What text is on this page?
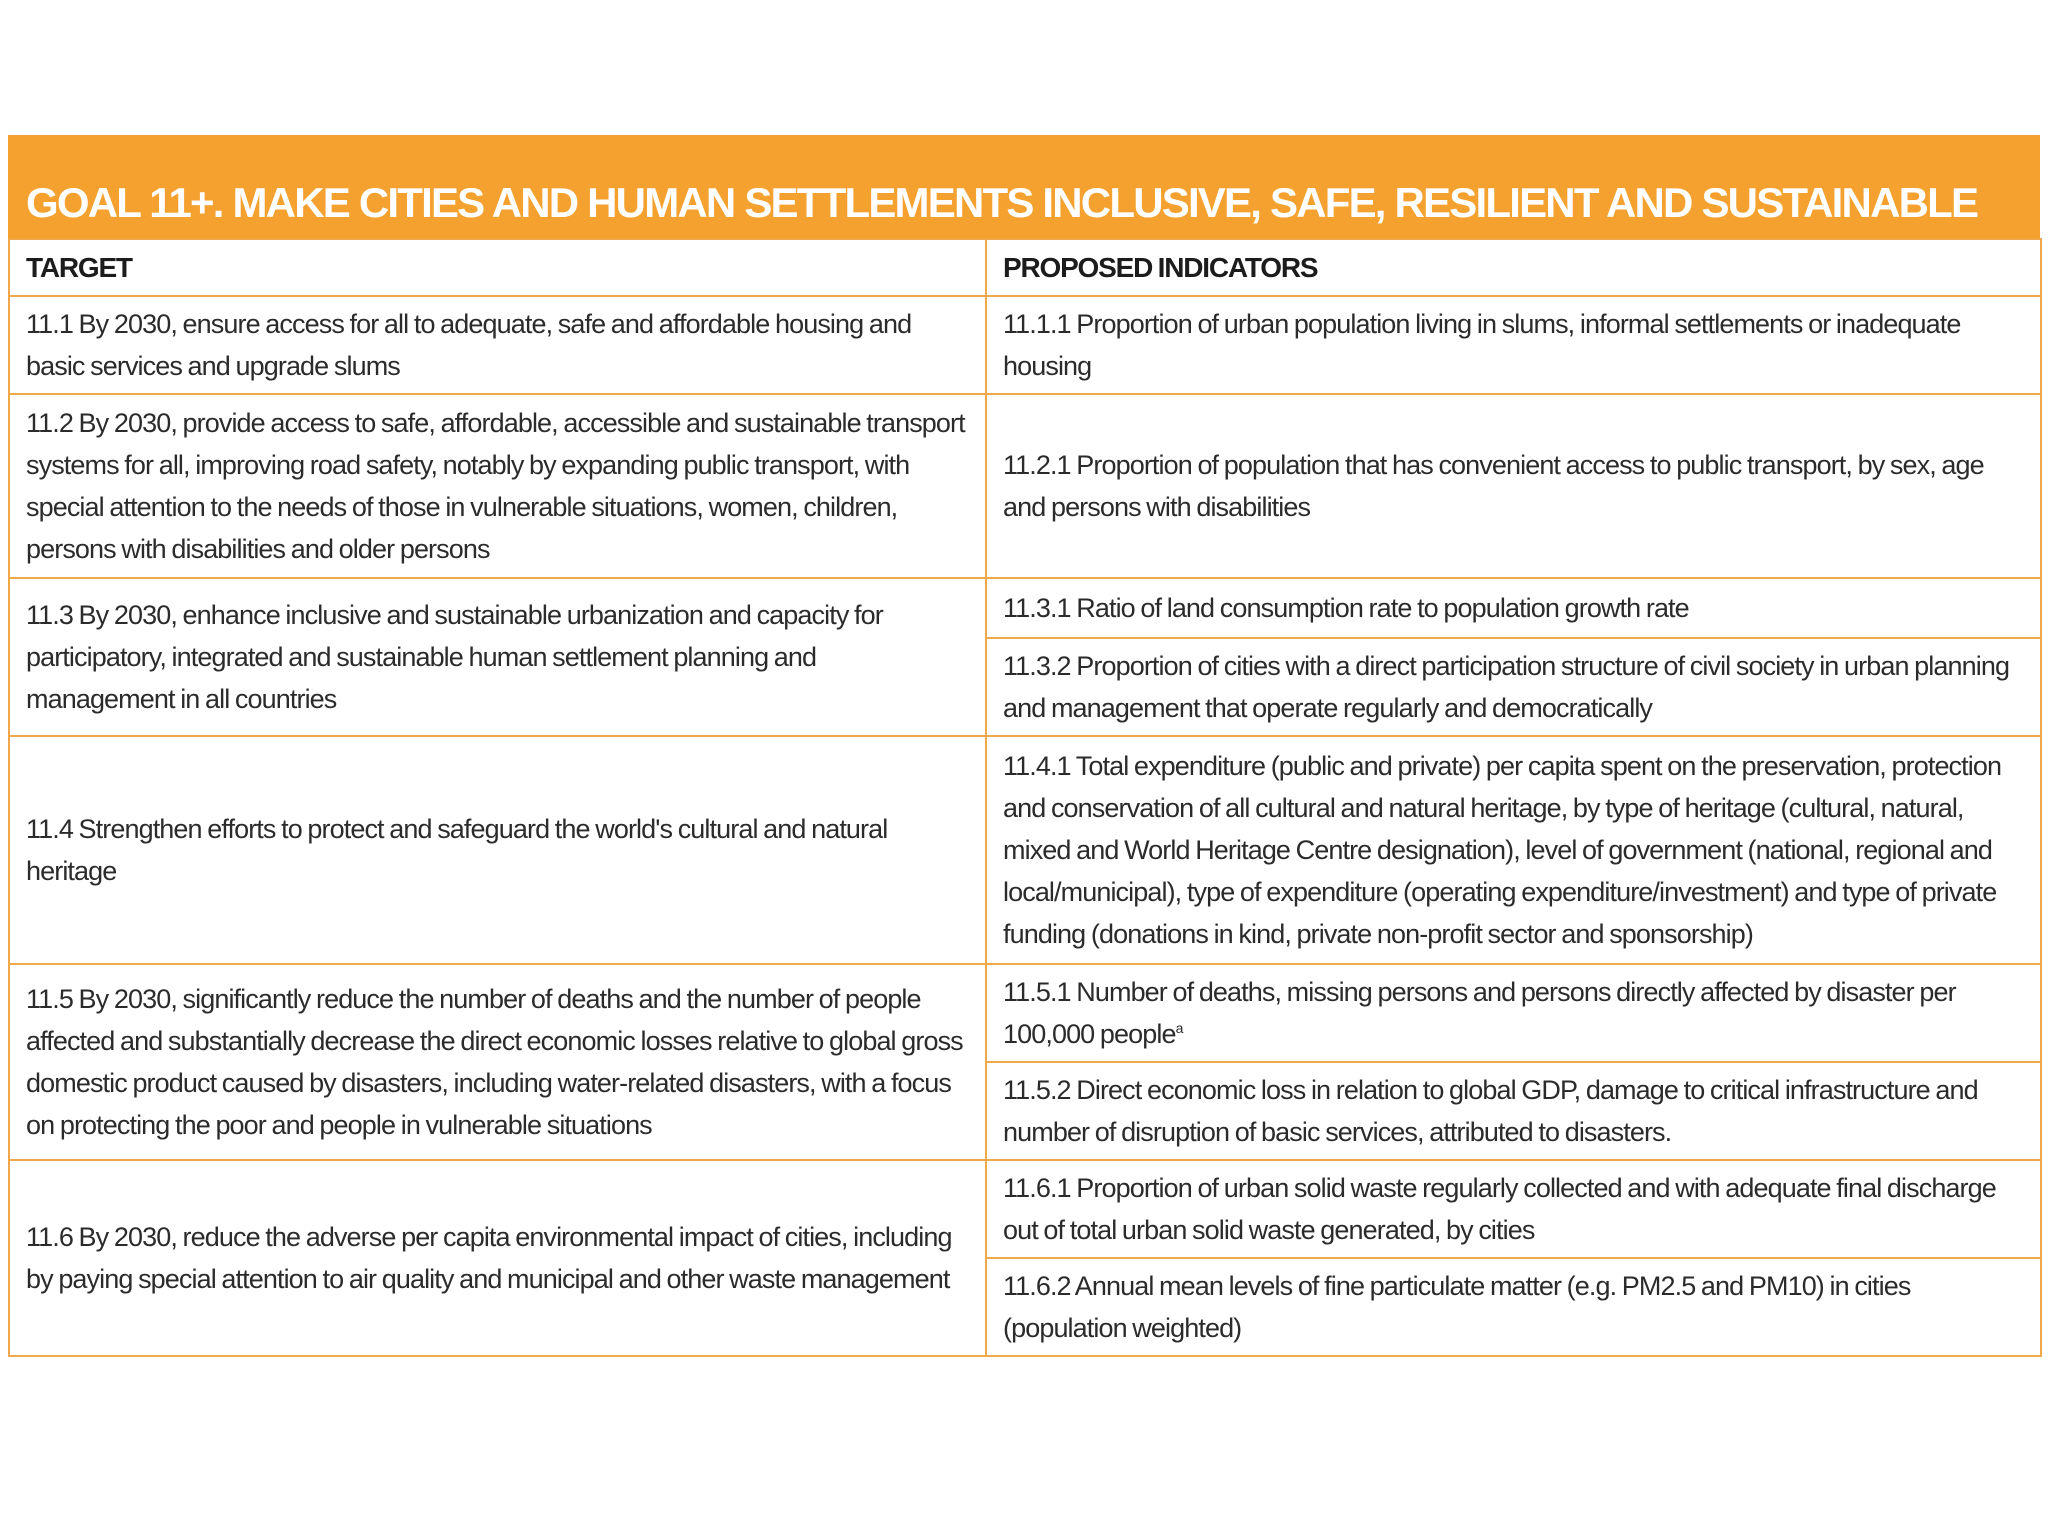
GOAL 11+. MAKE CITIES AND HUMAN SETTLEMENTS INCLUSIVE, SAFE, RESILIENT AND SUSTAINABLE
TARGET	PROPOSED INDICATORS
11.1 By 2030, ensure access for all to adequate, safe and affordable housing and basic services and upgrade slums	11.1.1 Proportion of urban population living in slums, informal settlements or inadequate housing
11.2 By 2030, provide access to safe, affordable, accessible and sustainable transport systems for all, improving road safety, notably by expanding public transport, with special attention to the needs of those in vulnerable situations, women, children, persons with disabilities and older persons	11.2.1 Proportion of population that has convenient access to public transport, by sex, age and persons with disabilities
11.3 By 2030, enhance inclusive and sustainable urbanization and capacity for participatory, integrated and sustainable human settlement planning and management in all countries	11.3.1 Ratio of land consumption rate to population growth rate
	11.3.2 Proportion of cities with a direct participation structure of civil society in urban planning and management that operate regularly and democratically
11.4 Strengthen efforts to protect and safeguard the world's cultural and natural heritage	11.4.1 Total expenditure (public and private) per capita spent on the preservation, protection and conservation of all cultural and natural heritage, by type of heritage (cultural, natural, mixed and World Heritage Centre designation), level of government (national, regional and local/municipal), type of expenditure (operating expenditure/investment) and type of private funding (donations in kind, private non-profit sector and sponsorship)
11.5 By 2030, significantly reduce the number of deaths and the number of people affected and substantially decrease the direct economic losses relative to global gross domestic product caused by disasters, including water-related disasters, with a focus on protecting the poor and people in vulnerable situations	11.5.1 Number of deaths, missing persons and persons directly affected by disaster per 100,000 people$^a$
	11.5.2 Direct economic loss in relation to global GDP, damage to critical infrastructure and number of disruption of basic services, attributed to disasters.
11.6 By 2030, reduce the adverse per capita environmental impact of cities, including by paying special attention to air quality and municipal and other waste management	11.6.1 Proportion of urban solid waste regularly collected and with adequate final discharge out of total urban solid waste generated, by cities
	11.6.2 Annual mean levels of fine particulate matter (e.g. PM2.5 and PM10) in cities (population weighted)
